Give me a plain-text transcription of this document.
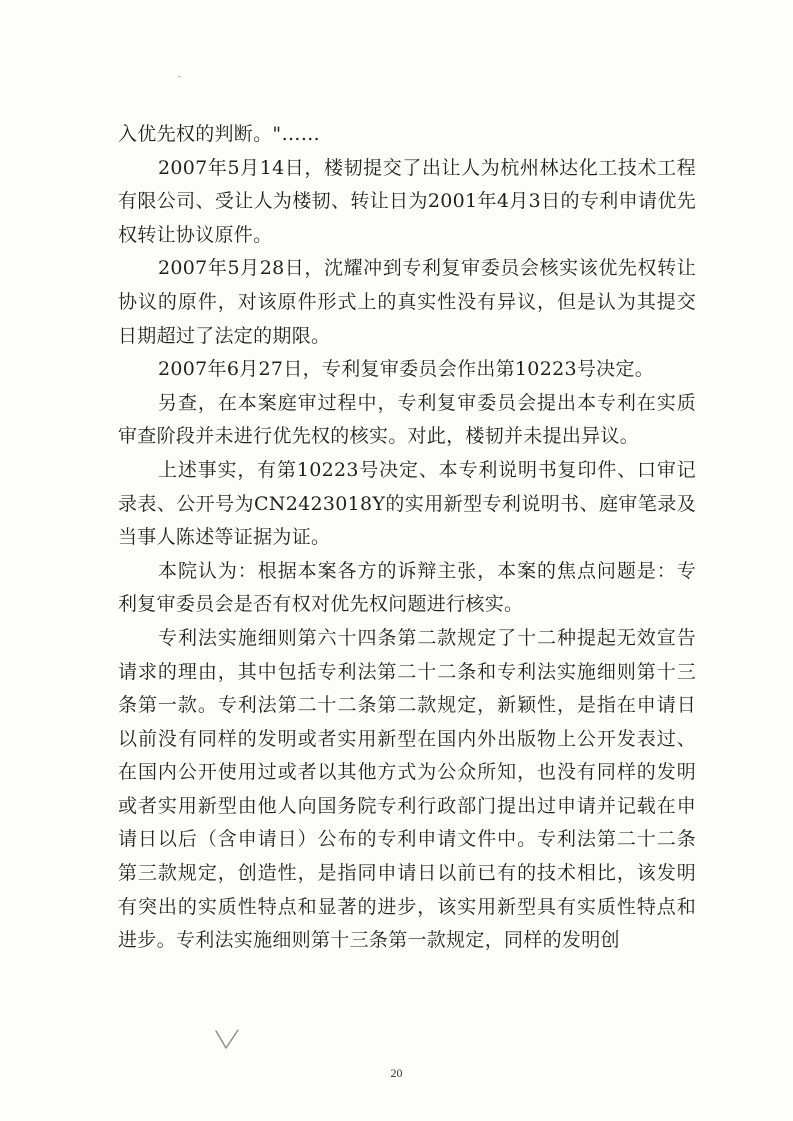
入优先权的判断。"……

2007年5月14日，楼韧提交了出让人为杭州林达化工技术工程有限公司、受让人为楼韧、转让日为2001年4月3日的专利申请优先权转让协议原件。

2007年5月28日，沈耀冲到专利复审委员会核实该优先权转让协议的原件，对该原件形式上的真实性没有异议，但是认为其提交日期超过了法定的期限。

2007年6月27日，专利复审委员会作出第10223号决定。

另查，在本案庭审过程中，专利复审委员会提出本专利在实质审查阶段并未进行优先权的核实。对此，楼韧并未提出异议。

上述事实，有第10223号决定、本专利说明书复印件、口审记录表、公开号为CN2423018Y的实用新型专利说明书、庭审笔录及当事人陈述等证据为证。

本院认为：根据本案各方的诉辩主张，本案的焦点问题是：专利复审委员会是否有权对优先权问题进行核实。

专利法实施细则第六十四条第二款规定了十二种提起无效宣告请求的理由，其中包括专利法第二十二条和专利法实施细则第十三条第一款。专利法第二十二条第二款规定，新颖性，是指在申请日以前没有同样的发明或者实用新型在国内外出版物上公开发表过、在国内公开使用过或者以其他方式为公众所知，也没有同样的发明或者实用新型由他人向国务院专利行政部门提出过申请并记载在申请日以后（含申请日）公布的专利申请文件中。专利法第二十二条第三款规定，创造性，是指同申请日以前已有的技术相比，该发明有突出的实质性特点和显著的进步，该实用新型具有实质性特点和进步。专利法实施细则第十三条第一款规定，同样的发明创

20
